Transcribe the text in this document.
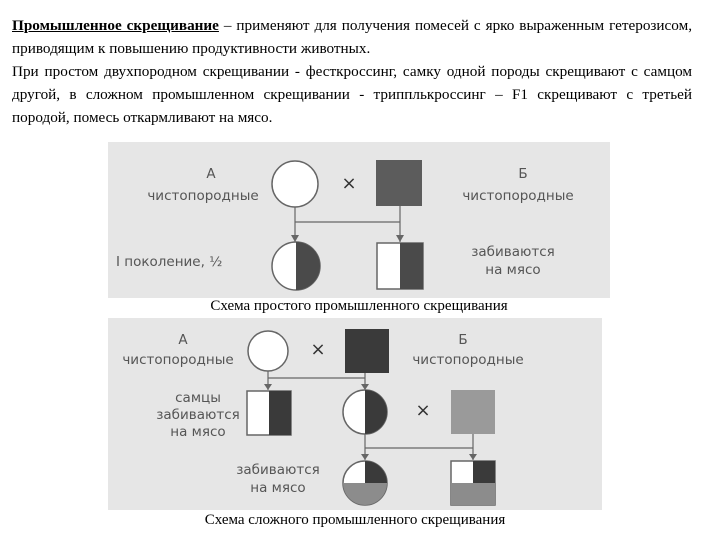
Промышленное скрещивание – применяют для получения помесей с ярко выраженным гетерозисом, приводящим к повышению продуктивности животных.

При простом двухпородном скрещивании - фесткроссинг, самку одной породы скрещивают с самцом другой, в сложном промышленном скрещивании - трипплькроссинг – F1 скрещивают с третьей породой, помесь откармливают на мясо.

А
чистопородные
×	Б
чистопородные
I поколение, ½
забиваются
на мясо
Схема простого промышленного скрещивания
А
чистопородные	×	Б
чистопородные
самцы
забиваются
на мясо
×
забиваются
на мясо
Схема сложного промышленного скрещивания
